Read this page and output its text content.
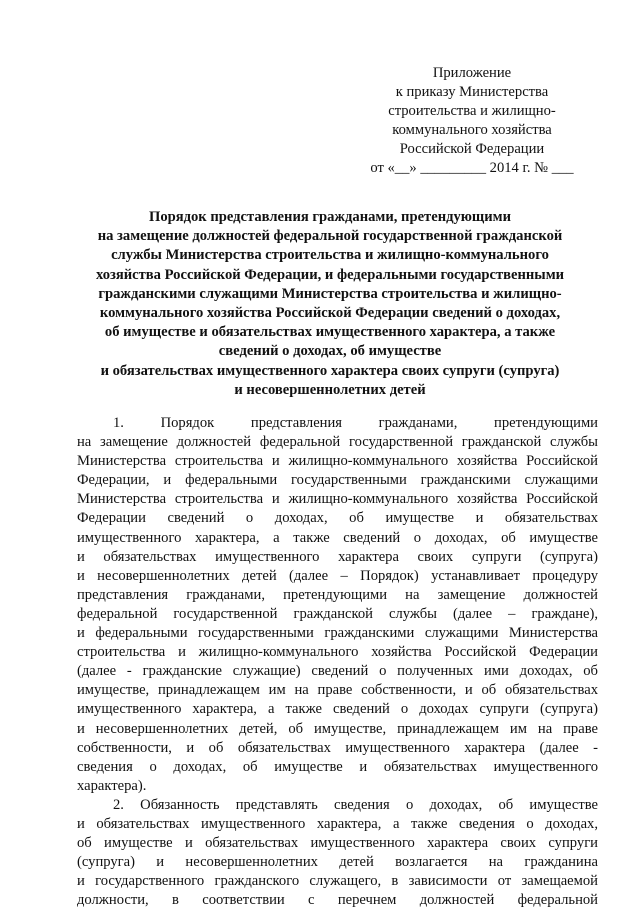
Приложение
к приказу Министерства
строительства и жилищно-
коммунального хозяйства
Российской Федерации
от «__» _________ 2014 г. № ___
Порядок представления гражданами, претендующими
на замещение должностей федеральной государственной гражданской
службы Министерства строительства и жилищно-коммунального
хозяйства Российской Федерации, и федеральными государственными
гражданскими служащими Министерства строительства и жилищно-
коммунального хозяйства Российской Федерации сведений о доходах,
об имуществе и обязательствах имущественного характера, а также
сведений о доходах, об имуществе
и обязательствах имущественного характера своих супруги (супруга)
и несовершеннолетних детей
1. Порядок представления гражданами, претендующими
на замещение должностей федеральной государственной гражданской службы
Министерства строительства и жилищно-коммунального хозяйства Российской
Федерации, и федеральными государственными гражданскими служащими
Министерства строительства и жилищно-коммунального хозяйства Российской
Федерации сведений о доходах, об имуществе и обязательствах
имущественного характера, а также сведений о доходах, об имуществе
и обязательствах имущественного характера своих супруги (супруга)
и несовершеннолетних детей (далее – Порядок) устанавливает процедуру
представления гражданами, претендующими на замещение должностей
федеральной государственной гражданской службы (далее – граждане),
и федеральными государственными гражданскими служащими Министерства
строительства и жилищно-коммунального хозяйства Российской Федерации
(далее - гражданские служащие) сведений о полученных ими доходах, об
имуществе, принадлежащем им на праве собственности, и об обязательствах
имущественного характера, а также сведений о доходах супруги (супруга)
и несовершеннолетних детей, об имуществе, принадлежащем им на праве
собственности, и об обязательствах имущественного характера (далее -
сведения о доходах, об имуществе и обязательствах имущественного
характера).
2. Обязанность представлять сведения о доходах, об имуществе
и обязательствах имущественного характера, а также сведения о доходах,
об имуществе и обязательствах имущественного характера своих супруги
(супруга) и несовершеннолетних детей возлагается на гражданина
и государственного гражданского служащего, в зависимости от замещаемой
должности, в соответствии с перечнем должностей федеральной
